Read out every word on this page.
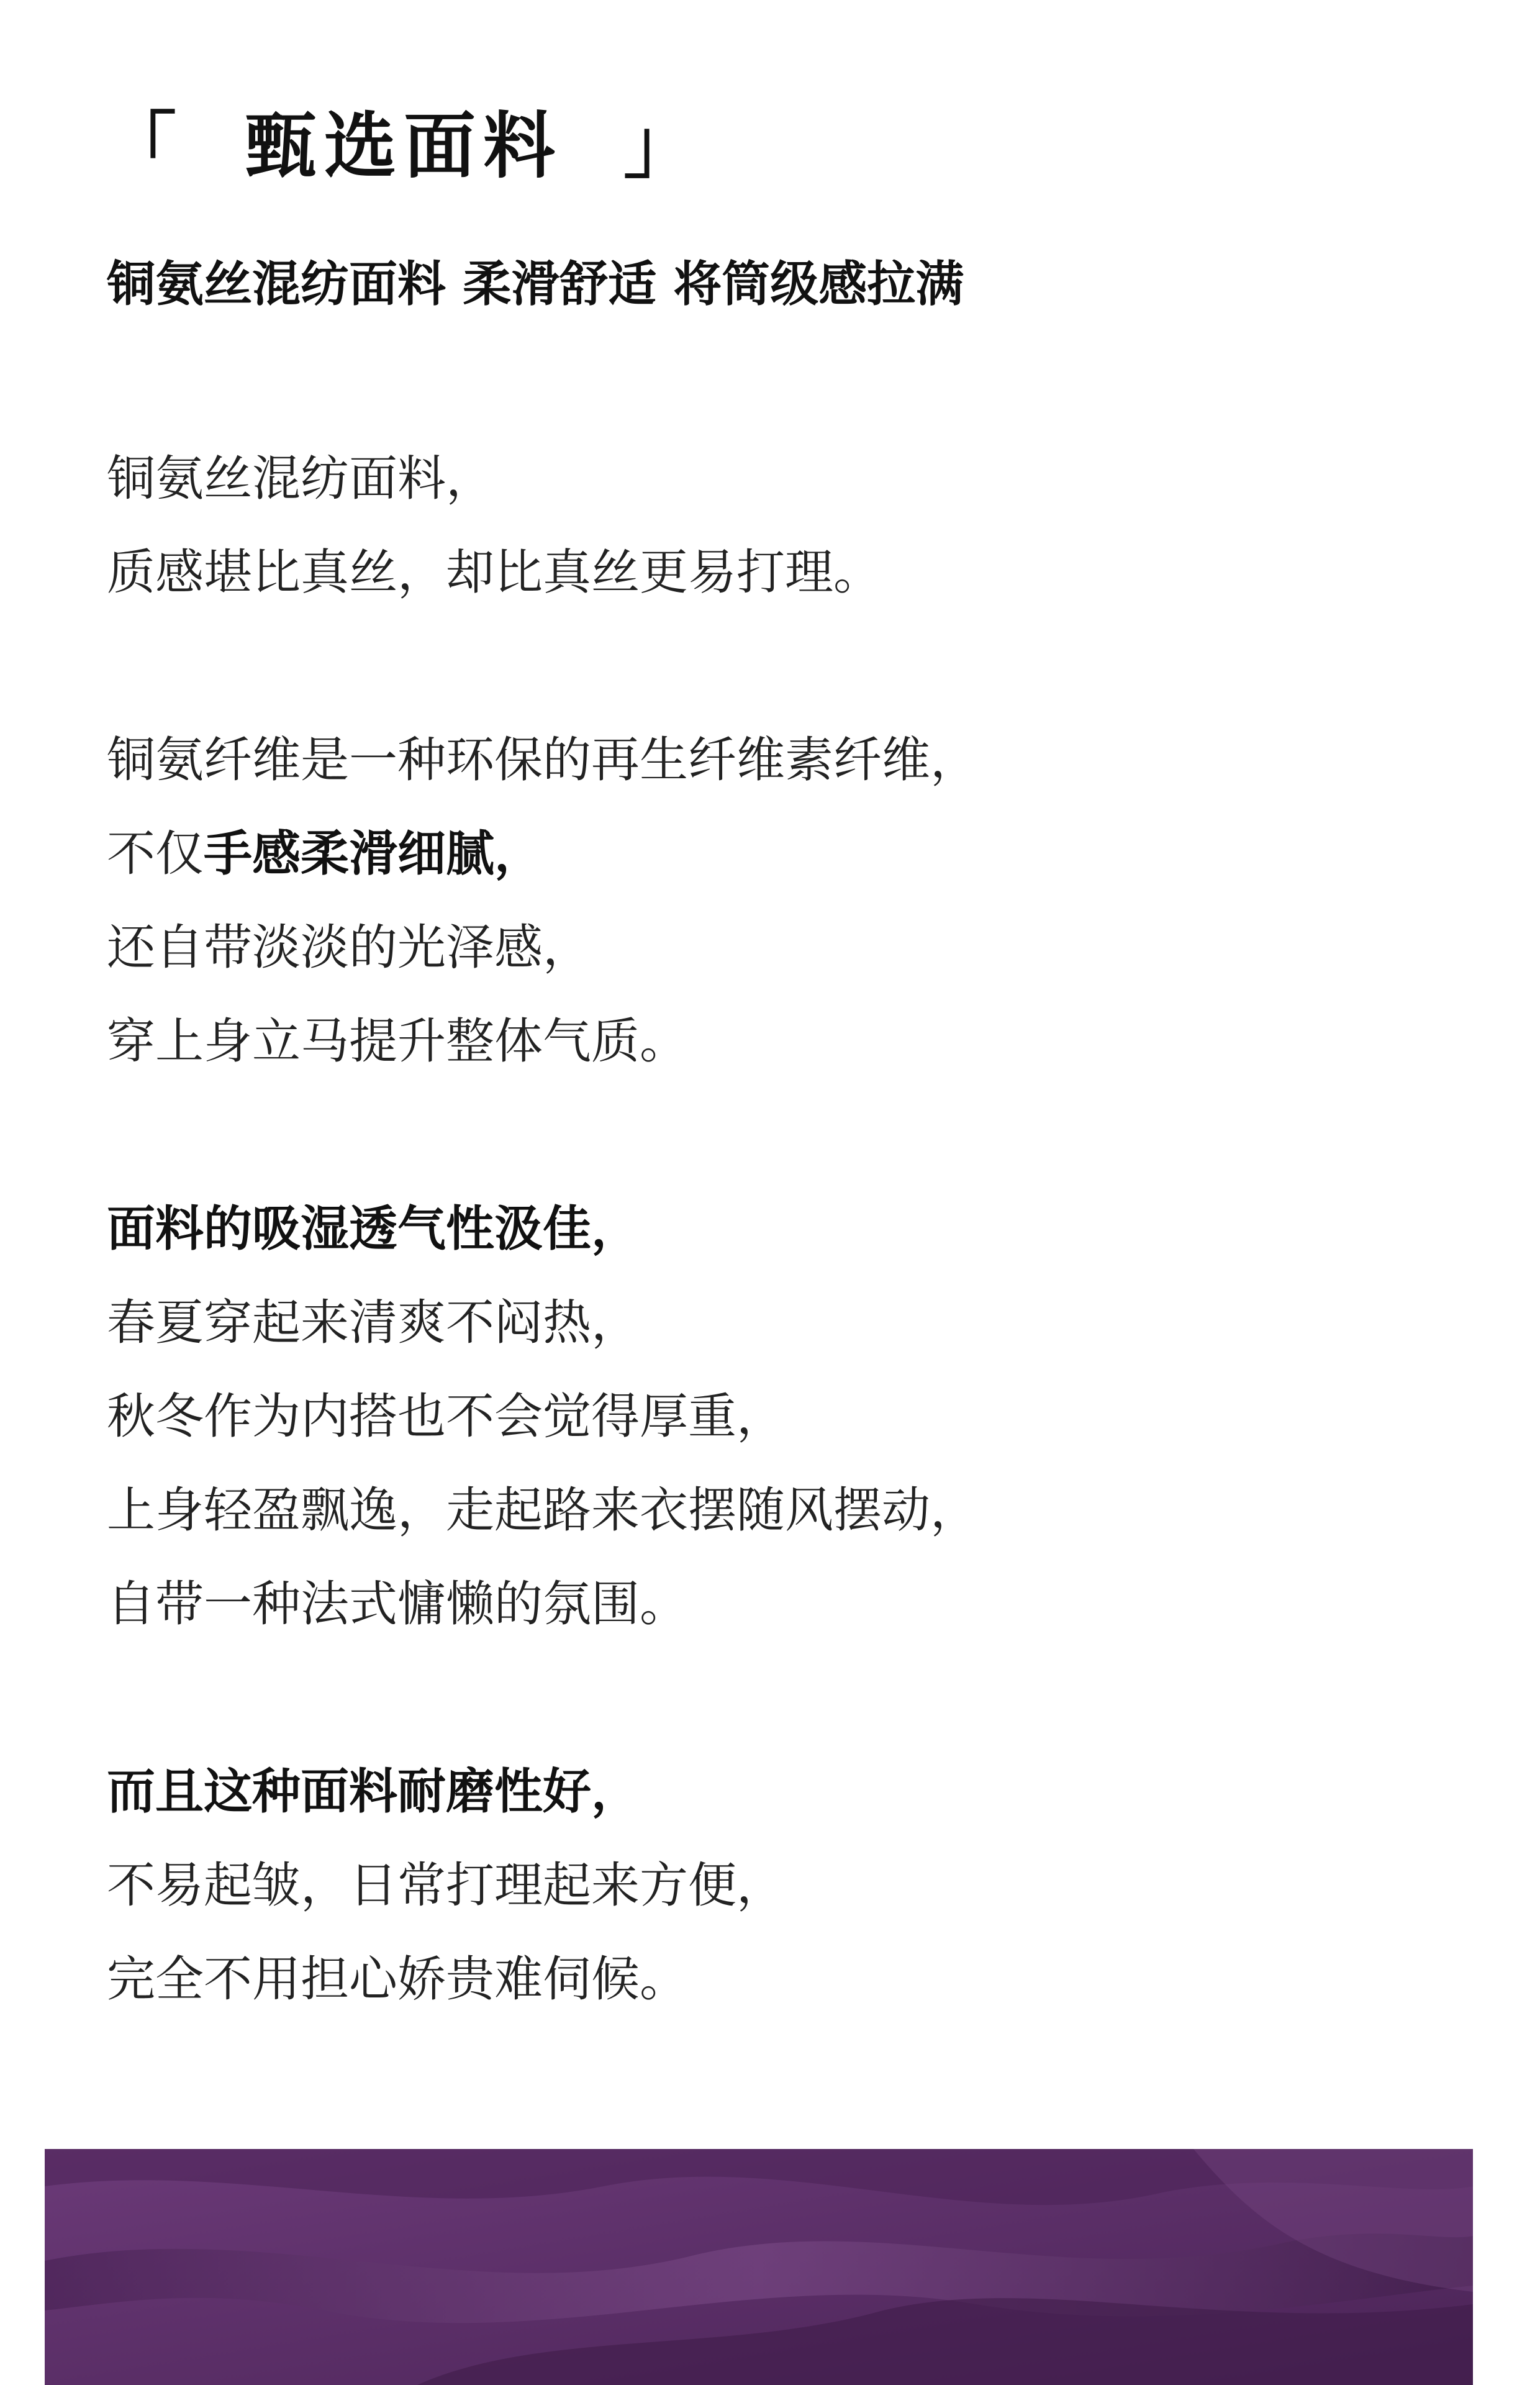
「 甄选面料 」
铜氨丝混纺面料 柔滑舒适 将筒级感拉满
铜氨丝混纺面料，
质感堪比真丝，却比真丝更易打理。
铜氨纤维是一种环保的再生纤维素纤维，
不仅手感柔滑细腻，
还自带淡淡的光泽感，
穿上身立马提升整体气质。
面料的吸湿透气性汲佳，
春夏穿起来清爽不闷热，
秋冬作为内搭也不会觉得厚重，
上身轻盈飘逸，走起路来衣摆随风摆动，
自带一种法式慵懒的氛围。
而且这种面料耐磨性好，
不易起皱，日常打理起来方便，
完全不用担心娇贵难伺候。
